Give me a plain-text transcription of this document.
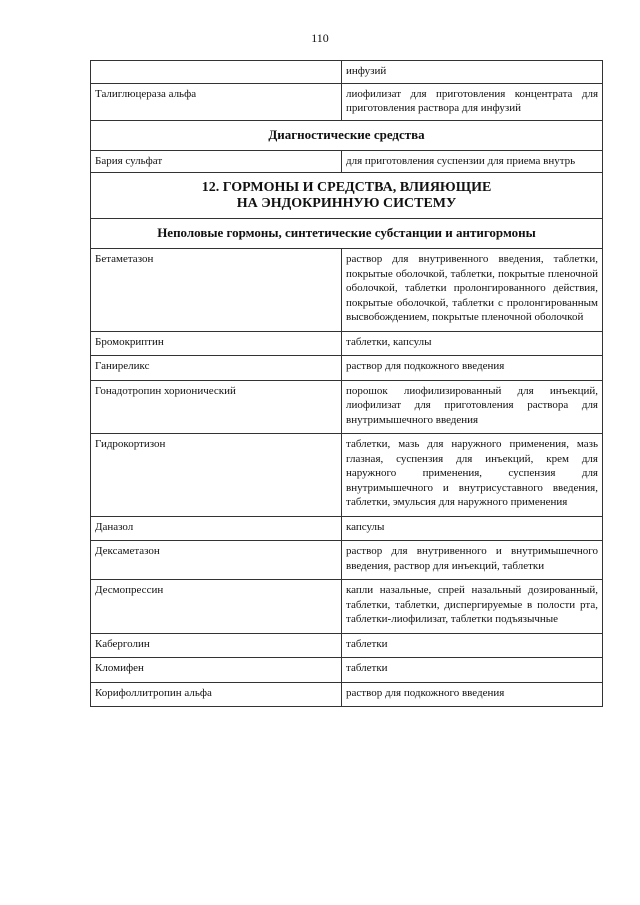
110
	инфузий
Талиглюцераза альфа	лиофилизат для приготовления концентрата для приготовления раствора для инфузий
Диагностические средства	
Бария сульфат	для приготовления суспензии для приема внутрь

12. ГОРМОНЫ И СРЕДСТВА, ВЛИЯЮЩИЕ
НА ЭНДОКРИННУЮ СИСТЕМУ	

Неполовые гормоны, синтетические субстанции и антигормоны	
Бетаметазон	раствор для внутривенного введения, таблетки, покрытые оболочкой, таблетки, покрытые пленочной оболочкой, таблетки пролонгированного действия, покрытые оболочкой, таблетки с пролонгированным высвобождением, покрытые пленочной оболочкой
Бромокриптин	таблетки, капсулы
Ганиреликс	раствор для подкожного введения
Гонадотропин хорионический	порошок лиофилизированный для инъекций, лиофилизат для приготовления раствора для внутримышечного введения
Гидрокортизон	таблетки, мазь для наружного применения, мазь глазная, суспензия для инъекций, крем для наружного применения, суспензия для внутримышечного и внутрисуставного введения, таблетки, эмульсия для наружного применения
Даназол	капсулы
Дексаметазон	раствор для внутривенного и внутримышечного введения, раствор для инъекций, таблетки
Десмопрессин	капли назальные, спрей назальный дозированный, таблетки, таблетки, диспергируемые в полости рта, таблетки-лиофилизат, таблетки подъязычные
Каберголин	таблетки
Кломифен	таблетки
Корифоллитропин альфа	раствор для подкожного введения
